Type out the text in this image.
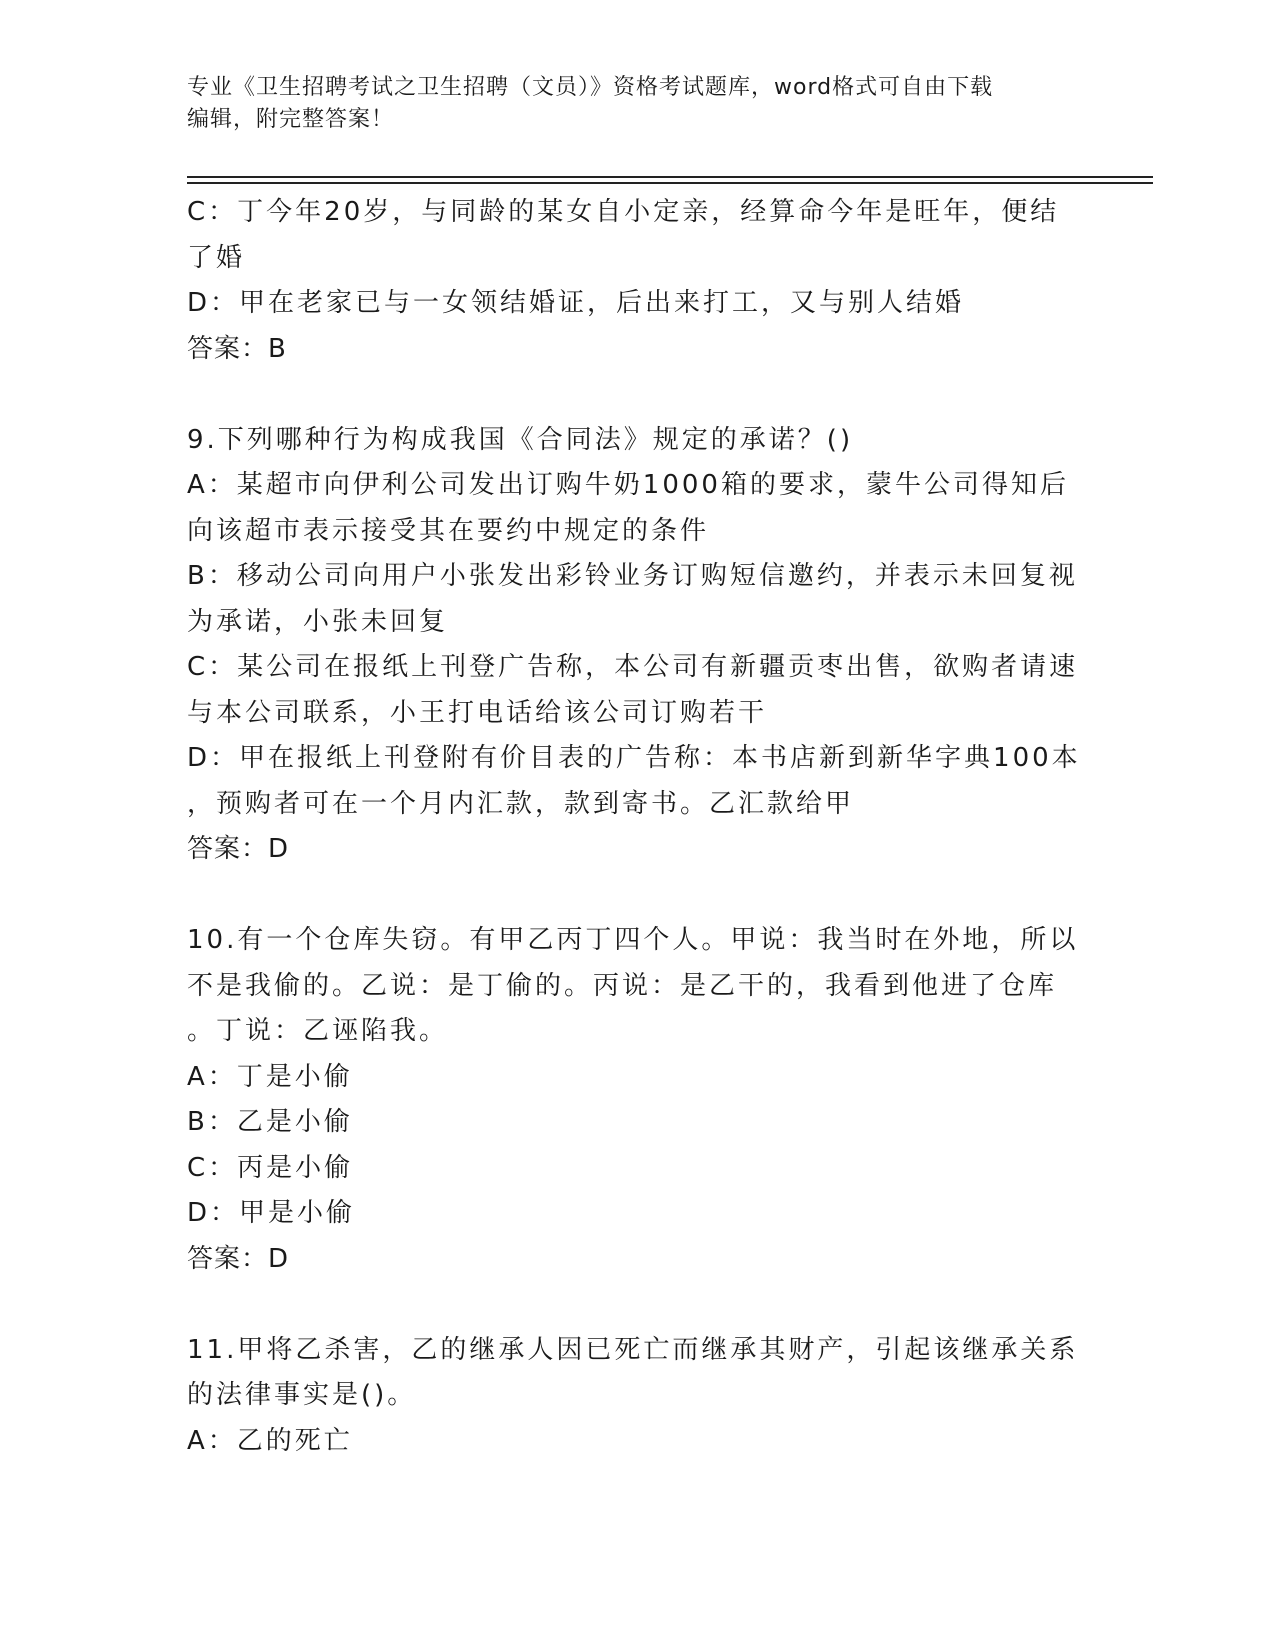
专业《卫生招聘考试之卫生招聘（文员）》资格考试题库，word格式可自由下载
编辑，附完整答案！
C：丁今年20岁，与同龄的某女自小定亲，经算命今年是旺年，便结
了婚
D：甲在老家已与一女领结婚证，后出来打工，又与别人结婚
答案：B
9.下列哪种行为构成我国《合同法》规定的承诺？()
A：某超市向伊利公司发出订购牛奶1000箱的要求，蒙牛公司得知后
向该超市表示接受其在要约中规定的条件
B：移动公司向用户小张发出彩铃业务订购短信邀约，并表示未回复视
为承诺，小张未回复
C：某公司在报纸上刊登广告称，本公司有新疆贡枣出售，欲购者请速
与本公司联系，小王打电话给该公司订购若干
D：甲在报纸上刊登附有价目表的广告称：本书店新到新华字典100本
，预购者可在一个月内汇款，款到寄书。乙汇款给甲
答案：D
10.有一个仓库失窃。有甲乙丙丁四个人。甲说：我当时在外地，所以
不是我偷的。乙说：是丁偷的。丙说：是乙干的，我看到他进了仓库
。丁说：乙诬陷我。
A：丁是小偷
B：乙是小偷
C：丙是小偷
D：甲是小偷
答案：D
11.甲将乙杀害，乙的继承人因已死亡而继承其财产，引起该继承关系
的法律事实是()。
A：乙的死亡
